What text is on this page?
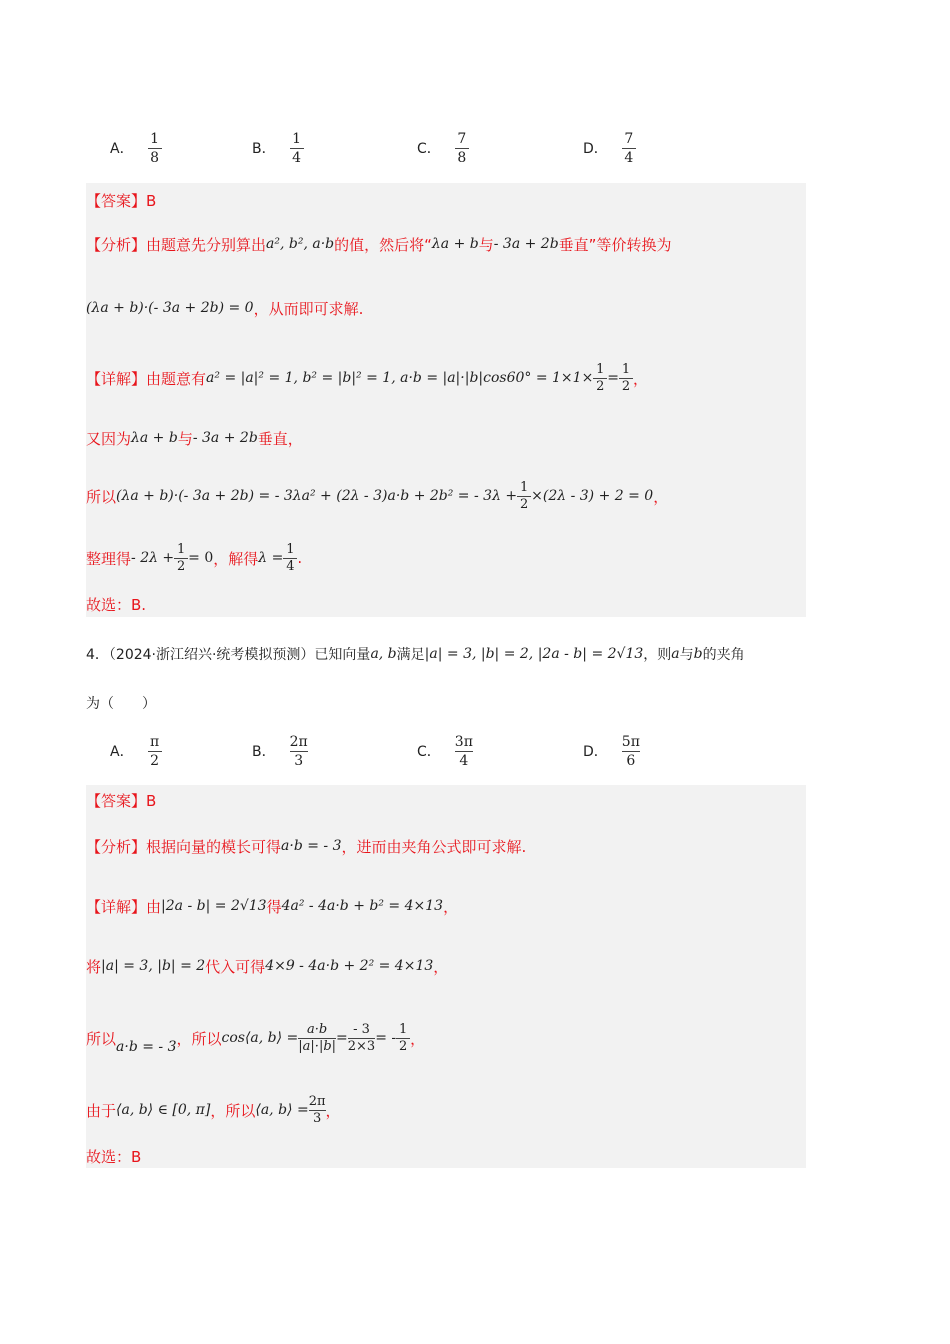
A． $\frac{1}{8}$	B． $\frac{1}{4}$	C． $\frac{7}{8}$	D． $\frac{7}{4}$
【答案】B
【分析】 由题意先分别算出 a², b², a·b 的值，然后将“ λa + b 与 - 3a + 2b 垂直”等价转换为
(λa + b)·(- 3a + 2b) = 0 ，从而即可求解.
【详解】 由题意有 a² = |a|² = 1, b² = |b|² = 1, $a\cdot b = |a|\cdot|b|\cos 60^\circ = 1\times 1\times \frac{1}{2} = \frac{1}{2}$ ，
又因为 λa + b 与 - 3a + 2b 垂直，
所以 (λa + b)·(- 3a + 2b) = - 3λa² + (2λ - 3)a·b + 2b² = - $3\lambda + \frac{1}{2} \times(2\lambda - 3) + 2 = 0$ ，
整理得 - $2\lambda + \frac{1}{2} = 0$ ，解得 $\lambda = \frac{1}{4}$ .
故选：B.
4．（2024·浙江绍兴·统考模拟预测）已知向量 a, b 满足 |a| = 3, |b| = 2, |2a - b| = 2√13 ，则 a 与 b 的夹角
为（　　）
A． $\frac{\pi}{2}$	B． $\frac{2\pi}{3}$	C． $\frac{3\pi}{4}$	D． $\frac{5\pi}{6}$
【答案】B
【分析】 根据向量的模长可得 a·b = - 3 ，进而由夹角公式即可求解.
【详解】 由 |2a - b| = 2√13 得 4a² - 4a·b + b² = 4×13 ，
将 |a| = 3, |b| = 2 代入可得 4×9 - 4a·b + 2² = 4×13 ，
所以 a·b = - 3 ，所以 cos⟨a, b⟩ = $\frac{a\cdot b}{|a|\cdot|b|} = \frac{- 3}{2\times 3}$ = - $\frac{1}{2}$ ，
由于 ⟨a, b⟩ ∈ [0, π] ，所以 ⟨a, b⟩ = $\frac{2\pi}{3}$ ，
故选：B
